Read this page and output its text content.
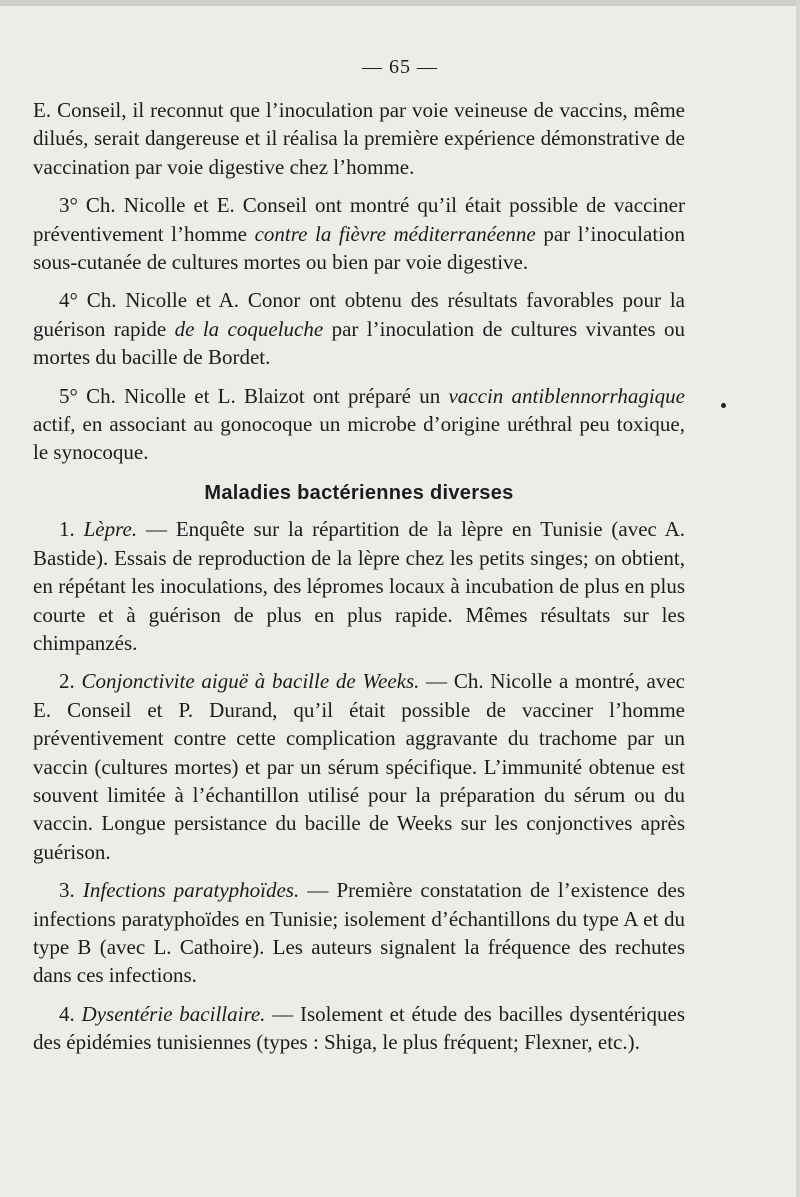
— 65 —

E. Conseil, il reconnut que l’inoculation par voie veineuse de vaccins, même dilués, serait dangereuse et il réalisa la première expérience démonstrative de vaccination par voie digestive chez l’homme.

3° Ch. Nicolle et E. Conseil ont montré qu’il était possible de vacciner préventivement l’homme contre la fièvre méditerranéenne par l’inoculation sous-cutanée de cultures mortes ou bien par voie digestive.

4° Ch. Nicolle et A. Conor ont obtenu des résultats favorables pour la guérison rapide de la coqueluche par l’inoculation de cultures vivantes ou mortes du bacille de Bordet.

5° Ch. Nicolle et L. Blaizot ont préparé un vaccin antiblennorrhagique actif, en associant au gonocoque un microbe d’origine uréthral peu toxique, le synocoque.

Maladies bactériennes diverses

1. Lèpre. — Enquête sur la répartition de la lèpre en Tunisie (avec A. Bastide). Essais de reproduction de la lèpre chez les petits singes; on obtient, en répétant les inoculations, des lépromes locaux à incubation de plus en plus courte et à guérison de plus en plus rapide. Mêmes résultats sur les chimpanzés.

2. Conjonctivite aiguë à bacille de Weeks. — Ch. Nicolle a montré, avec E. Conseil et P. Durand, qu’il était possible de vacciner l’homme préventivement contre cette complication aggravante du trachome par un vaccin (cultures mortes) et par un sérum spécifique. L’immunité obtenue est souvent limitée à l’échantillon utilisé pour la préparation du sérum ou du vaccin. Longue persistance du bacille de Weeks sur les conjonctives après guérison.

3. Infections paratyphoïdes. — Première constatation de l’existence des infections paratyphoïdes en Tunisie; isolement d’échantillons du type A et du type B (avec L. Cathoire). Les auteurs signalent la fréquence des rechutes dans ces infections.

4. Dysentérie bacillaire. — Isolement et étude des bacilles dysentériques des épidémies tunisiennes (types : Shiga, le plus fréquent; Flexner, etc.).
